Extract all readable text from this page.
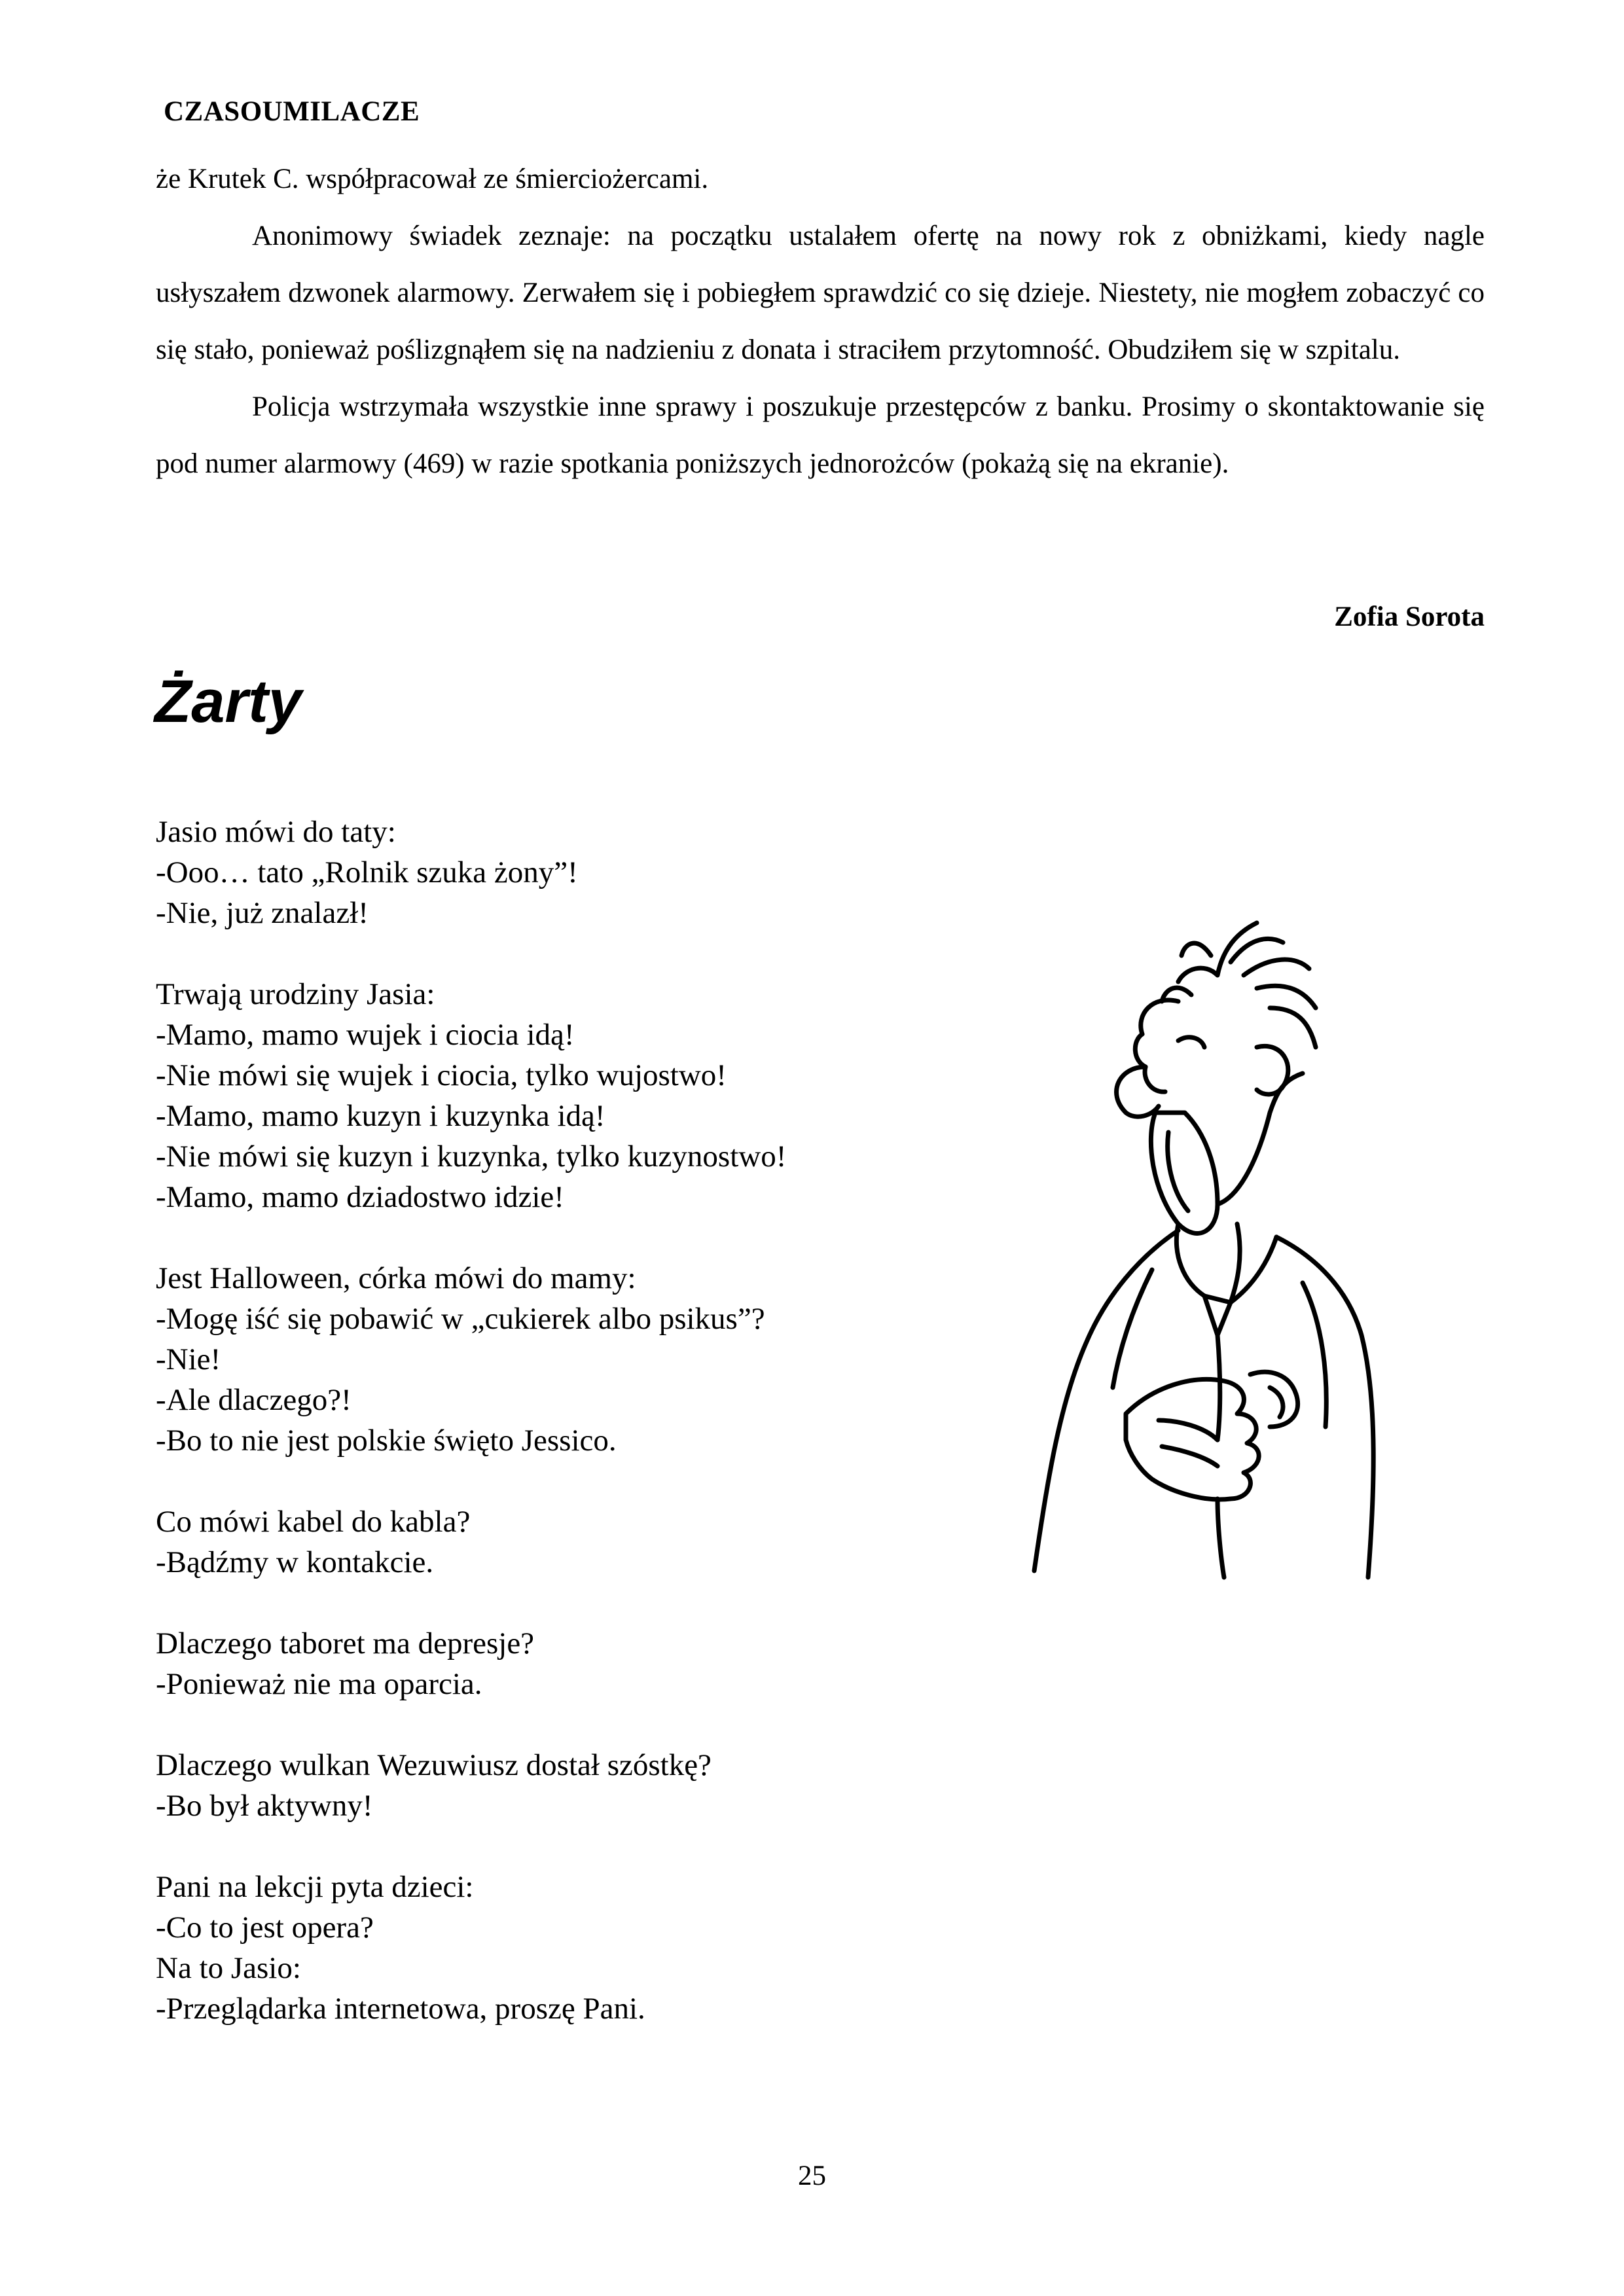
CZASOUMILACZE

że Krutek C. współpracował ze śmierciożercami.

Anonimowy świadek zeznaje: na początku ustalałem ofertę na nowy rok z obniżkami, kiedy nagle usłyszałem dzwonek alarmowy. Zerwałem się i pobiegłem sprawdzić co się dzieje. Niestety, nie mogłem zobaczyć co się stało, ponieważ poślizgnąłem się na nadzieniu z donata i straciłem przytomność. Obudziłem się w szpitalu.

Policja wstrzymała wszystkie inne sprawy i poszukuje przestępców z banku. Prosimy o skontaktowanie się pod numer alarmowy (469) w razie spotkania poniższych jednorożców (pokażą się na ekranie).

Zofia Sorota
Żarty
Jasio mówi do taty:
-Ooo… tato „Rolnik szuka żony”!
-Nie, już znalazł!
Trwają urodziny Jasia:
-Mamo, mamo wujek i ciocia idą!
-Nie mówi się wujek i ciocia, tylko wujostwo!
-Mamo, mamo kuzyn i kuzynka idą!
-Nie mówi się kuzyn i kuzynka, tylko kuzynostwo!
-Mamo, mamo dziadostwo idzie!
Jest Halloween, córka mówi do mamy:
-Mogę iść się pobawić w „cukierek albo psikus”?
-Nie!
-Ale dlaczego?!
-Bo to nie jest polskie święto Jessico.
Co mówi kabel do kabla?
-Bądźmy w kontakcie.
Dlaczego taboret ma depresje?
-Ponieważ nie ma oparcia.
Dlaczego wulkan Wezuwiusz dostał szóstkę?
-Bo był aktywny!
Pani na lekcji pyta dzieci:
-Co to jest opera?
Na to Jasio:
-Przeglądarka internetowa, proszę Pani.
25
